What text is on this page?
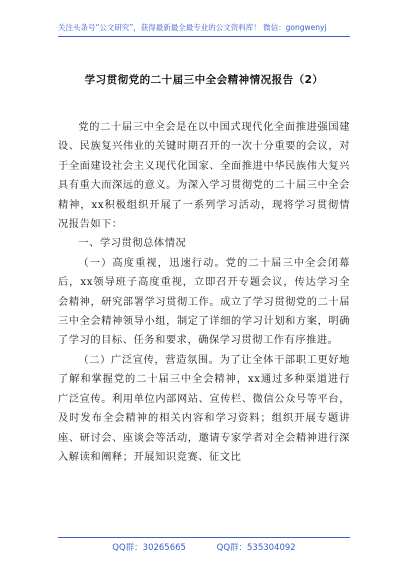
关注头条号“公文研究”，获得最新最全最专业的公文资料库！ 微信：gongwenyj
学习贯彻党的二十届三中全会精神情况报告（2）

党的二十届三中全会是在以中国式现代化全面推进强国建设、民族复兴伟业的关键时期召开的一次十分重要的会议，对于全面建设社会主义现代化国家、全面推进中华民族伟大复兴具有重大而深远的意义。为深入学习贯彻党的二十届三中全会精神，xx积极组织开展了一系列学习活动，现将学习贯彻情况报告如下：

一、学习贯彻总体情况

（一）高度重视，迅速行动。党的二十届三中全会闭幕后，xx领导班子高度重视，立即召开专题会议，传达学习全会精神，研究部署学习贯彻工作。成立了学习贯彻党的二十届三中全会精神领导小组，制定了详细的学习计划和方案，明确了学习的目标、任务和要求，确保学习贯彻工作有序推进。

（二）广泛宣传，营造氛围。为了让全体干部职工更好地了解和掌握党的二十届三中全会精神，xx通过多种渠道进行广泛宣传。利用单位内部网站、宣传栏、微信公众号等平台，及时发布全会精神的相关内容和学习资料；组织开展专题讲座、研讨会、座谈会等活动，邀请专家学者对全会精神进行深入解读和阐释；开展知识竞赛、征文比

QQ群：30265665	QQ群：535304092
